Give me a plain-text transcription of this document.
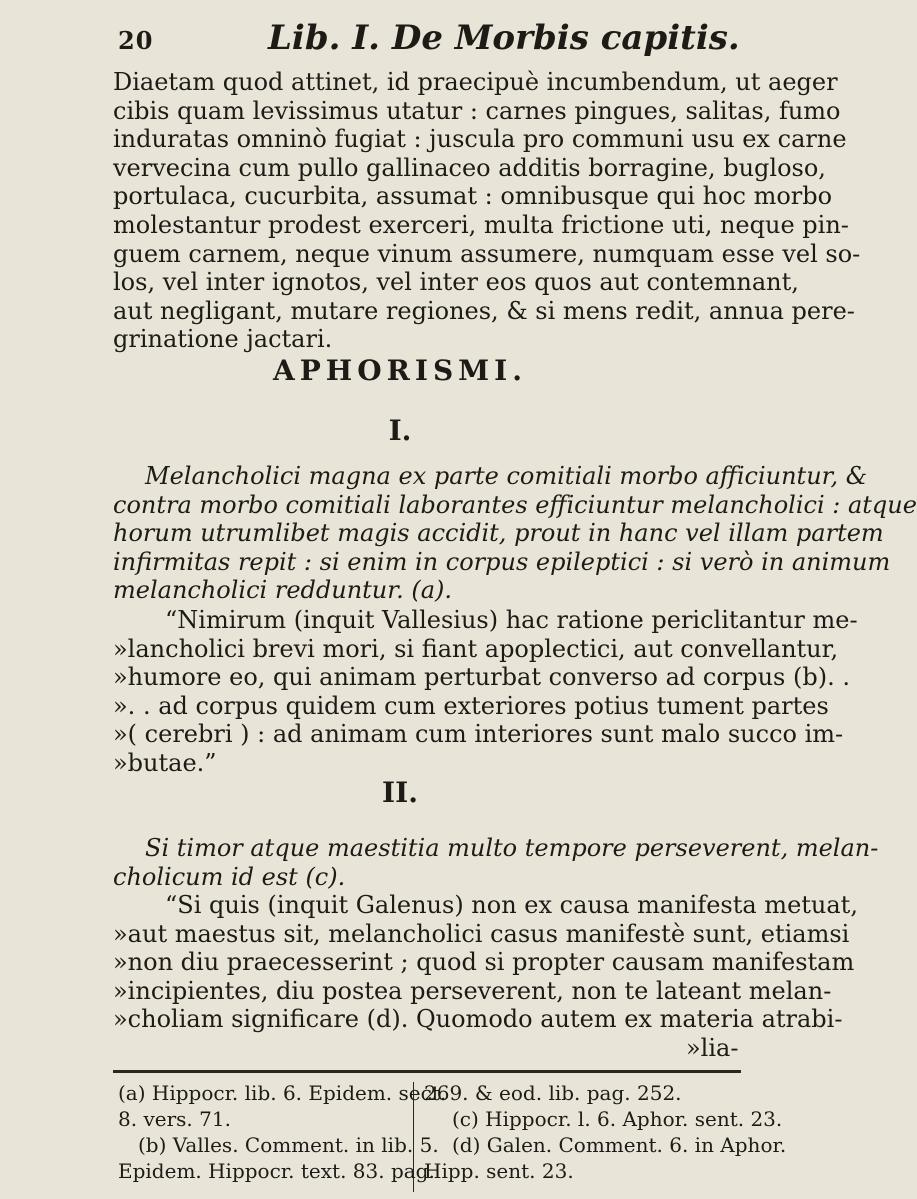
20	Lib. I. De Morbis capitis.
Diaetam quod attinet, id praecipuè incumbendum, ut aeger
cibis quam levissimus utatur : carnes pingues, salitas, fumo
induratas omninò fugiat : juscula pro communi usu ex carne
vervecina cum pullo gallinaceo additis borragine, bugloso,
portulaca, cucurbita, assumat : omnibusque qui hoc morbo
molestantur prodest exerceri, multa frictione uti, neque pin-
guem carnem, neque vinum assumere, numquam esse vel so-
los, vel inter ignotos, vel inter eos quos aut contemnant,
aut negligant, mutare regiones, & si mens redit, annua pere-
grinatione jactari.
APHORISMI.
I.
Melancholici magna ex parte comitiali morbo afficiuntur, &
contra morbo comitiali laborantes efficiuntur melancholici : atque
horum utrumlibet magis accidit, prout in hanc vel illam partem
infirmitas repit : si enim in corpus epileptici : si verò in animum
melancholici redduntur. (a).
“Nimirum (inquit Vallesius) hac ratione periclitantur me-
»lancholici brevi mori, si fiant apoplectici, aut convellantur,
»humore eo, qui animam perturbat converso ad corpus (b). .
». . ad corpus quidem cum exteriores potius tument partes
»( cerebri ) : ad animam cum interiores sunt malo succo im-
»butae.”
II.
Si timor atque maestitia multo tempore perseverent, melan-
cholicum id est (c).
“Si quis (inquit Galenus) non ex causa manifesta metuat,
»aut maestus sit, melancholici casus manifestè sunt, etiamsi
»non diu praecesserint ; quod si propter causam manifestam
»incipientes, diu postea perseverent, non te lateant melan-
»choliam significare (d). Quomodo autem ex materia atrabi-
»lia-
(a) Hippocr. lib. 6. Epidem. sect.
8. vers. 71.
(b) Valles. Comment. in lib. 5.
Epidem. Hippocr. text. 83. pag.
269. & eod. lib. pag. 252.
(c) Hippocr. l. 6. Aphor. sent. 23.
(d) Galen. Comment. 6. in Aphor.
Hipp. sent. 23.
